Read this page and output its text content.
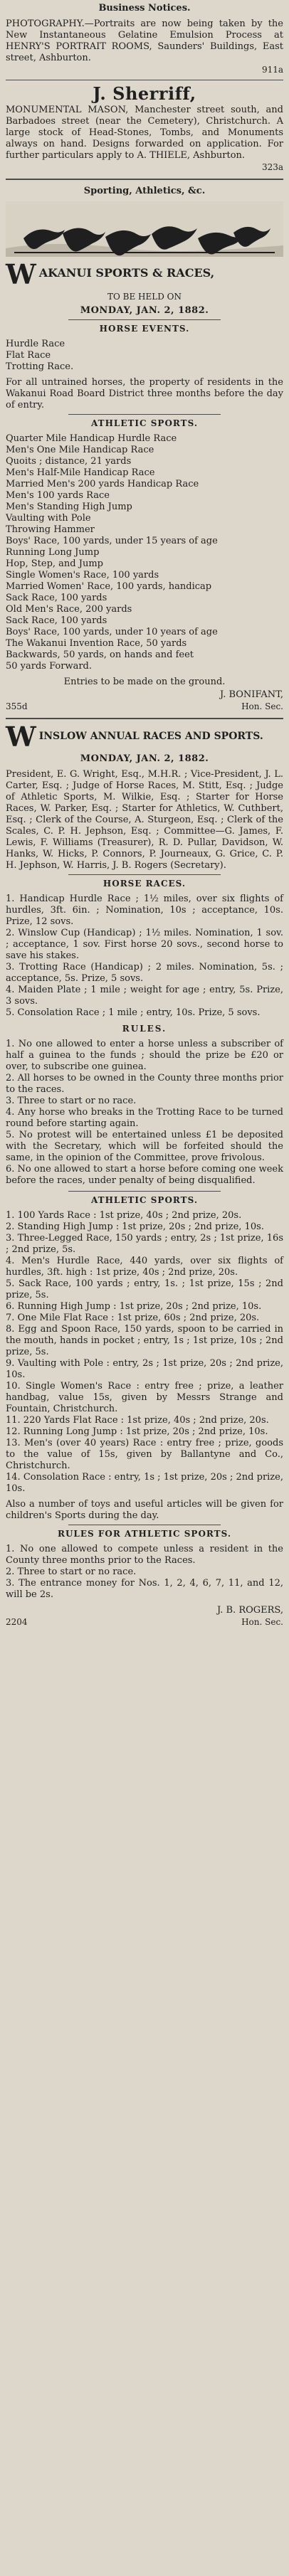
Business Notices.

PHOTOGRAPHY.—Portraits are now being taken by the New Instantaneous Gelatine Emulsion Process at HENRY'S PORTRAIT ROOMS, Saunders' Buildings, East street, Ashburton.

911a
J. Sherriff,

MONUMENTAL MASON, Manchester street south, and Barbadoes street (near the Cemetery), Christchurch. A large stock of Head-Stones, Tombs, and Monuments always on hand. Designs forwarded on application. For further particulars apply to A. THIELE, Ashburton.

323a
Sporting, Athletics, &c.
W AKANUI SPORTS & RACES,
TO BE HELD ON
MONDAY, JAN. 2, 1882.
HORSE EVENTS.

Hurdle Race

Flat Race

Trotting Race.

For all untrained horses, the property of residents in the Wakanui Road Board District three months before the day of entry.

ATHLETIC SPORTS.

Quarter Mile Handicap Hurdle Race

Men's One Mile Handicap Race

Quoits ; distance, 21 yards

Men's Half-Mile Handicap Race

Married Men's 200 yards Handicap Race

Men's 100 yards Race

Men's Standing High Jump

Vaulting with Pole

Throwing Hammer

Boys' Race, 100 yards, under 15 years of age

Running Long Jump

Hop, Step, and Jump

Single Women's Race, 100 yards

Married Women' Race, 100 yards, handicap

Sack Race, 100 yards

Old Men's Race, 200 yards

Sack Race, 100 yards

Boys' Race, 100 yards, under 10 years of age

The Wakanui Invention Race, 50 yards

Backwards, 50 yards, on hands and feet

50 yards Forward.

Entries to be made on the ground.
J. BONIFANT,
355d	Hon. Sec.
W INSLOW ANNUAL RACES AND SPORTS.
MONDAY, JAN. 2, 1882.

President, E. G. Wright, Esq., M.H.R. ; Vice-President, J. L. Carter, Esq. ; Judge of Horse Races, M. Stitt, Esq. ; Judge of Athletic Sports, M. Wilkie, Esq. ; Starter for Horse Races, W. Parker, Esq. ; Starter for Athletics, W. Cuthbert, Esq. ; Clerk of the Course, A. Sturgeon, Esq. ; Clerk of the Scales, C. P. H. Jephson, Esq. ; Committee—G. James, F. Lewis, F. Williams (Treasurer), R. D. Pullar, Davidson, W. Hanks, W. Hicks, P. Connors, P. Journeaux, G. Grice, C. P. H. Jephson, W. Harris, J. B. Rogers (Secretary).

HORSE RACES.

1. Handicap Hurdle Race ; 1½ miles, over six flights of hurdles, 3ft. 6in. ; Nomination, 10s ; acceptance, 10s. Prize, 12 sovs.

2. Winslow Cup (Handicap) ; 1½ miles. Nomination, 1 sov. ; acceptance, 1 sov. First horse 20 sovs., second horse to save his stakes.

3. Trotting Race (Handicap) ; 2 miles. Nomination, 5s. ; acceptance, 5s. Prize, 5 sovs.

4. Maiden Plate ; 1 mile ; weight for age ; entry, 5s. Prize, 3 sovs.

5. Consolation Race ; 1 mile ; entry, 10s. Prize, 5 sovs.

RULES.

1. No one allowed to enter a horse unless a subscriber of half a guinea to the funds ; should the prize be £20 or over, to subscribe one guinea.

2. All horses to be owned in the County three months prior to the races.

3. Three to start or no race.

4. Any horse who breaks in the Trotting Race to be turned round before starting again.

5. No protest will be entertained unless £1 be deposited with the Secretary, which will be forfeited should the same, in the opinion of the Committee, prove frivolous.

6. No one allowed to start a horse before coming one week before the races, under penalty of being disqualified.

ATHLETIC SPORTS.

1. 100 Yards Race : 1st prize, 40s ; 2nd prize, 20s.

2. Standing High Jump : 1st prize, 20s ; 2nd prize, 10s.

3. Three-Legged Race, 150 yards ; entry, 2s ; 1st prize, 16s ; 2nd prize, 5s.

4. Men's Hurdle Race, 440 yards, over six flights of hurdles, 3ft. high : 1st prize, 40s ; 2nd prize, 20s.

5. Sack Race, 100 yards ; entry, 1s. ; 1st prize, 15s ; 2nd prize, 5s.

6. Running High Jump : 1st prize, 20s ; 2nd prize, 10s.

7. One Mile Flat Race : 1st prize, 60s ; 2nd prize, 20s.

8. Egg and Spoon Race, 150 yards, spoon to be carried in the mouth, hands in pocket ; entry, 1s ; 1st prize, 10s ; 2nd prize, 5s.

9. Vaulting with Pole : entry, 2s ; 1st prize, 20s ; 2nd prize, 10s.

10. Single Women's Race : entry free ; prize, a leather handbag, value 15s, given by Messrs Strange and Fountain, Christchurch.

11. 220 Yards Flat Race : 1st prize, 40s ; 2nd prize, 20s.

12. Running Long Jump : 1st prize, 20s ; 2nd prize, 10s.

13. Men's (over 40 years) Race : entry free ; prize, goods to the value of 15s, given by Ballantyne and Co., Christchurch.

14. Consolation Race : entry, 1s ; 1st prize, 20s ; 2nd prize, 10s.

Also a number of toys and useful articles will be given for children's Sports during the day.

RULES FOR ATHLETIC SPORTS.

1. No one allowed to compete unless a resident in the County three months prior to the Races.

2. Three to start or no race.

3. The entrance money for Nos. 1, 2, 4, 6, 7, 11, and 12, will be 2s.

J. B. ROGERS,
2204	Hon. Sec.
